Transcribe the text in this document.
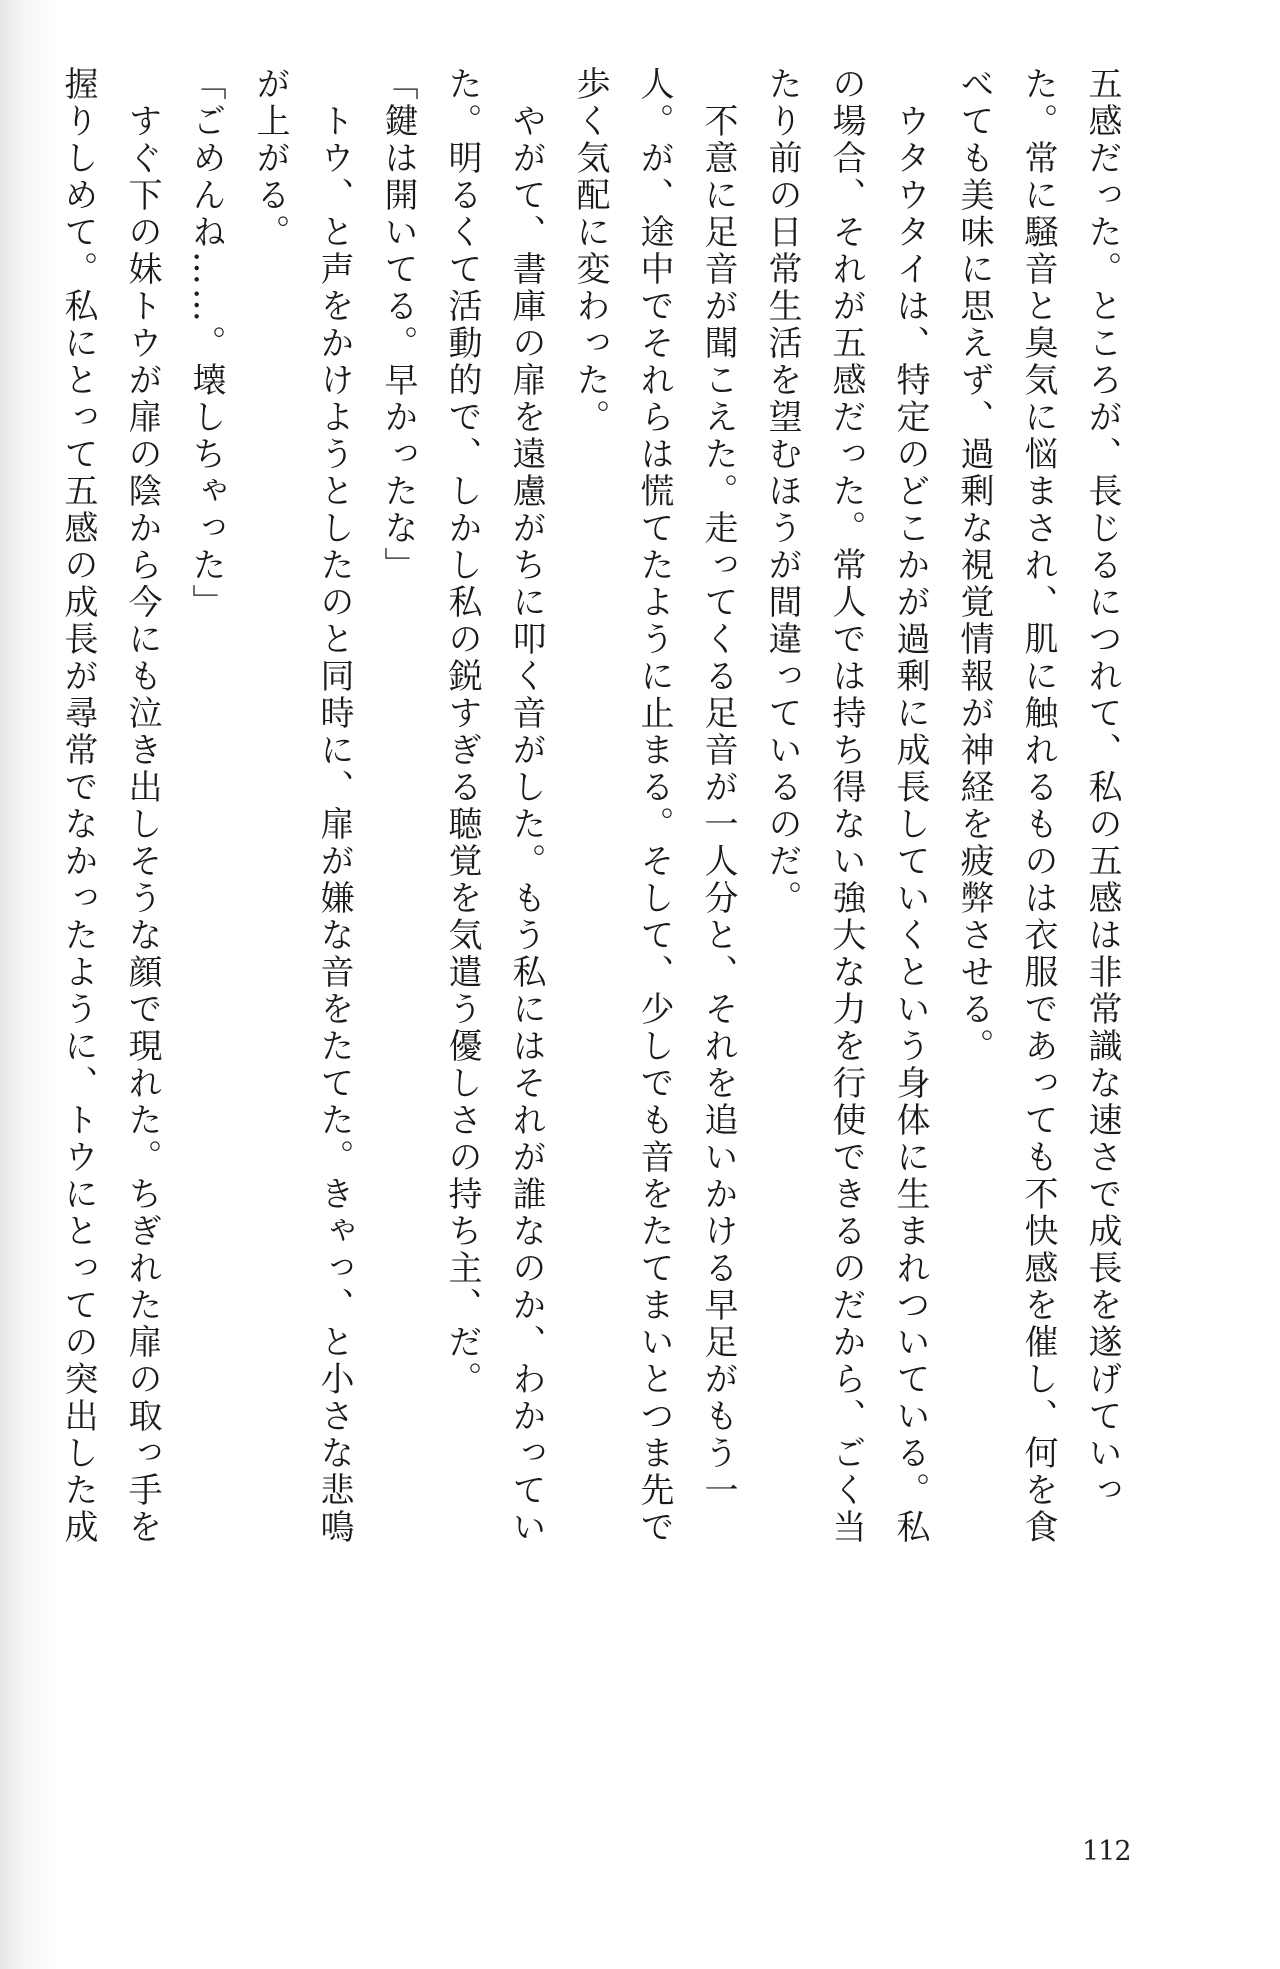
五感だった。ところが、長じるにつれて、私の五感は非常識な速さで成長を遂げていっ
た。常に騒音と臭気に悩まされ、肌に触れるものは衣服であっても不快感を催し、何を食
べても美味に思えず、過剰な視覚情報が神経を疲弊させる。
　ウタウタイは、特定のどこかが過剰に成長していくという身体に生まれついている。私
の場合、それが五感だった。常人では持ち得ない強大な力を行使できるのだから、ごく当
たり前の日常生活を望むほうが間違っているのだ。
　不意に足音が聞こえた。走ってくる足音が一人分と、それを追いかける早足がもう一
人。が、途中でそれらは慌てたように止まる。そして、少しでも音をたてまいとつま先で
歩く気配に変わった。
　やがて、書庫の扉を遠慮がちに叩く音がした。もう私にはそれが誰なのか、わかってい
た。明るくて活動的で、しかし私の鋭すぎる聴覚を気遣う優しさの持ち主、だ。
「鍵は開いてる。早かったな」
　トウ、と声をかけようとしたのと同時に、扉が嫌な音をたてた。きゃっ、と小さな悲鳴
が上がる。
「ごめんね……。壊しちゃった」
　すぐ下の妹トウが扉の陰から今にも泣き出しそうな顔で現れた。ちぎれた扉の取っ手を
握りしめて。私にとって五感の成長が尋常でなかったように、トウにとっての突出した成
112
